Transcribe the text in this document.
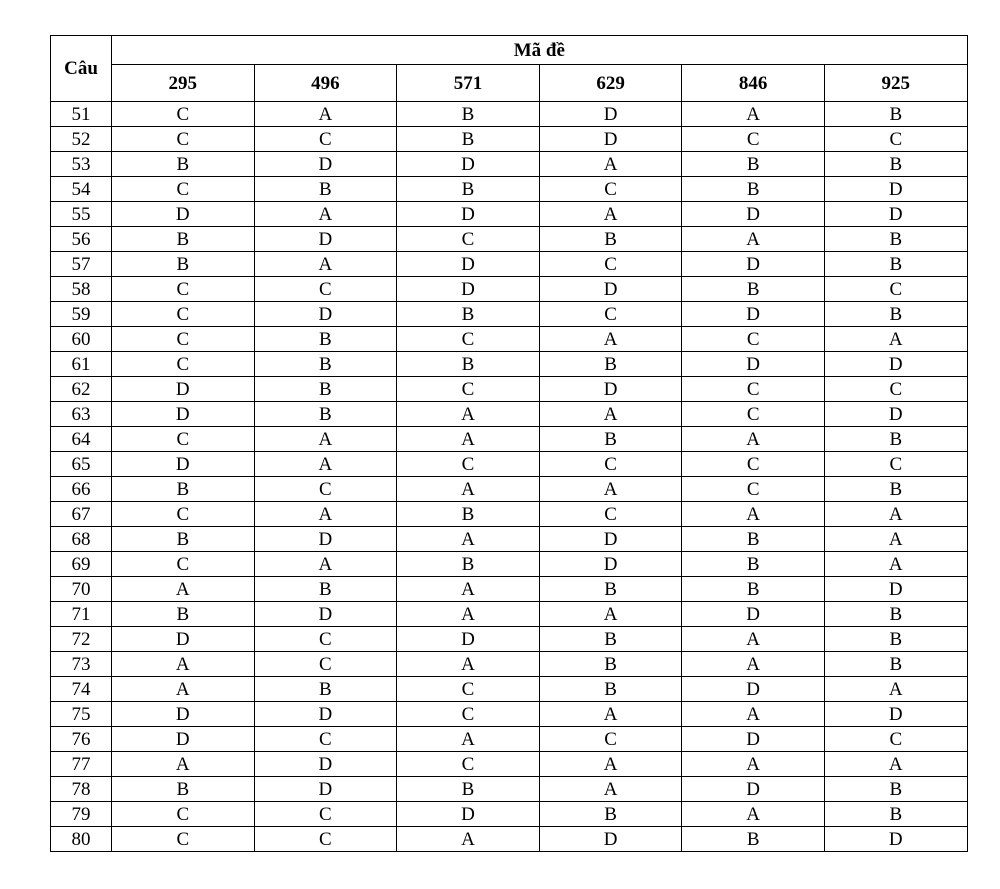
Câu	Mã đề					
	295	496	571	629	846	925
51	C	A	B	D	A	B
52	C	C	B	D	C	C
53	B	D	D	A	B	B
54	C	B	B	C	B	D
55	D	A	D	A	D	D
56	B	D	C	B	A	B
57	B	A	D	C	D	B
58	C	C	D	D	B	C
59	C	D	B	C	D	B
60	C	B	C	A	C	A
61	C	B	B	B	D	D
62	D	B	C	D	C	C
63	D	B	A	A	C	D
64	C	A	A	B	A	B
65	D	A	C	C	C	C
66	B	C	A	A	C	B
67	C	A	B	C	A	A
68	B	D	A	D	B	A
69	C	A	B	D	B	A
70	A	B	A	B	B	D
71	B	D	A	A	D	B
72	D	C	D	B	A	B
73	A	C	A	B	A	B
74	A	B	C	B	D	A
75	D	D	C	A	A	D
76	D	C	A	C	D	C
77	A	D	C	A	A	A
78	B	D	B	A	D	B
79	C	C	D	B	A	B
80	C	C	A	D	B	D
